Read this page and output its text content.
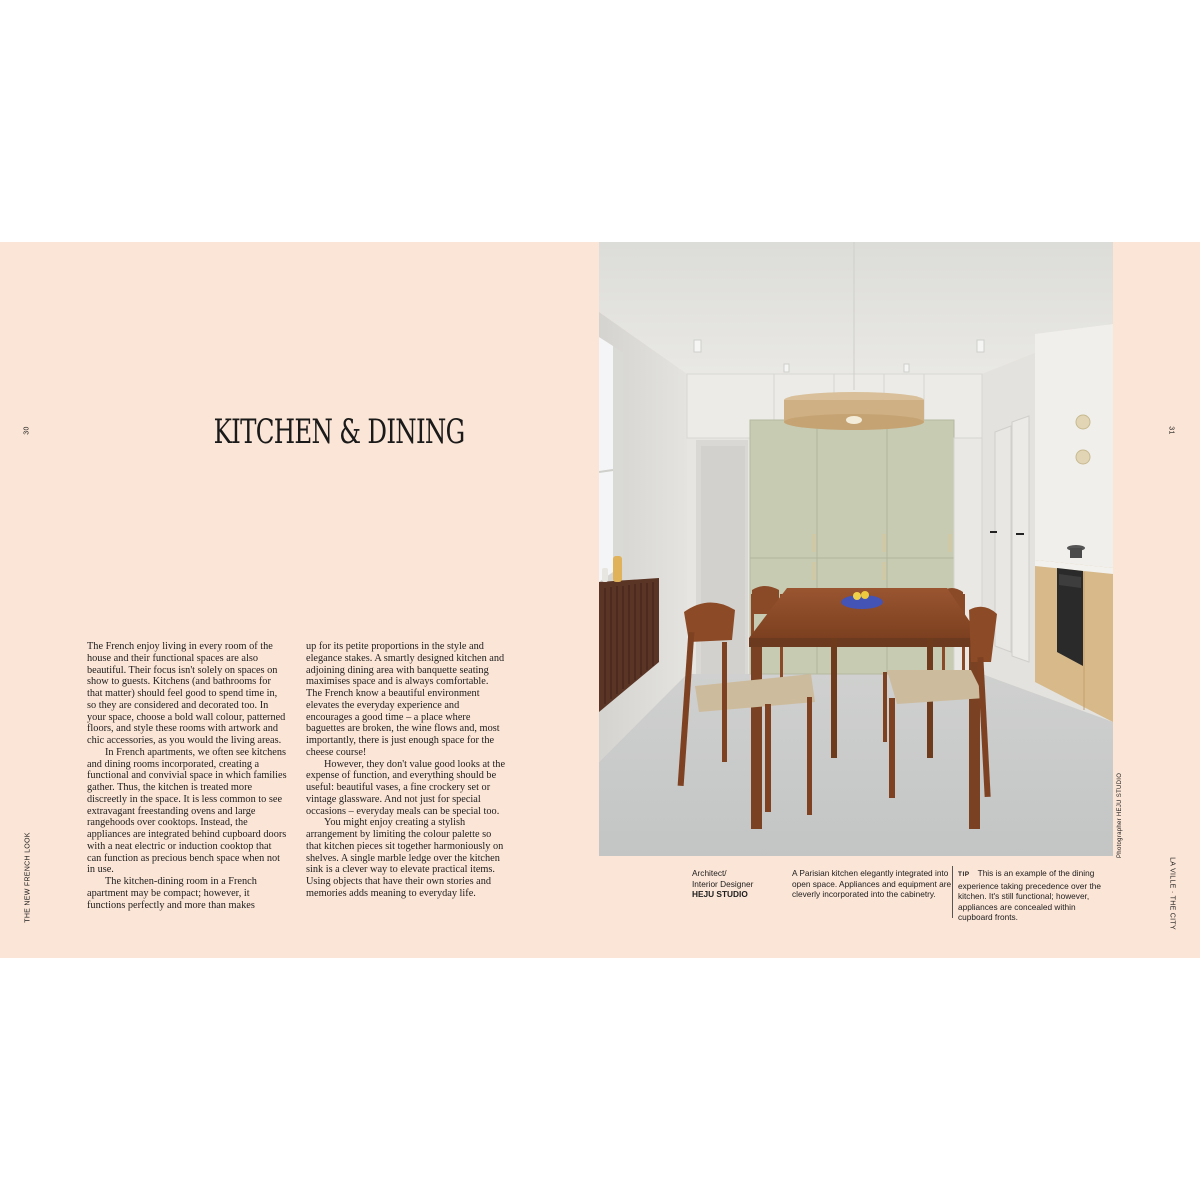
30	31
THE NEW FRENCH LOOK	LA VILLE · THE CITY
Photographer HEJU STUDIO
KITCHEN & DINING

The French enjoy living in every room of the house and their functional spaces are also beautiful. Their focus isn't solely on spaces on show to guests. Kitchens (and bathrooms for that matter) should feel good to spend time in, so they are considered and decorated too. In your space, choose a bold wall colour, patterned floors, and style these rooms with artwork and chic accessories, as you would the living areas.

In French apartments, we often see kitchens and dining rooms incorporated, creating a functional and convivial space in which families gather. Thus, the kitchen is treated more discreetly in the space. It is less common to see extravagant freestanding ovens and large rangehoods over cooktops. Instead, the appliances are integrated behind cupboard doors with a neat electric or induction cooktop that can function as precious bench space when not in use.

The kitchen-dining room in a French apartment may be compact; however, it functions perfectly and more than makes

up for its petite proportions in the style and elegance stakes. A smartly designed kitchen and adjoining dining area with banquette seating maximises space and is always comfortable. The French know a beautiful environment elevates the everyday experience and encourages a good time – a place where baguettes are broken, the wine flows and, most importantly, there is just enough space for the cheese course!

However, they don't value good looks at the expense of function, and everything should be useful: beautiful vases, a fine crockery set or vintage glassware. And not just for special occasions – everyday meals can be special too.

You might enjoy creating a stylish arrangement by limiting the colour palette so that kitchen pieces sit together harmoniously on shelves. A single marble ledge over the kitchen sink is a clever way to elevate practical items. Using objects that have their own stories and memories adds meaning to everyday life.

Architect/
Interior Designer
HEJU STUDIO
A Parisian kitchen elegantly integrated into open space. Appliances and equipment are cleverly incorporated into the cabinetry.
TIP This is an example of the dining experience taking precedence over the kitchen. It's still functional; however, appliances are concealed within cupboard fronts.
